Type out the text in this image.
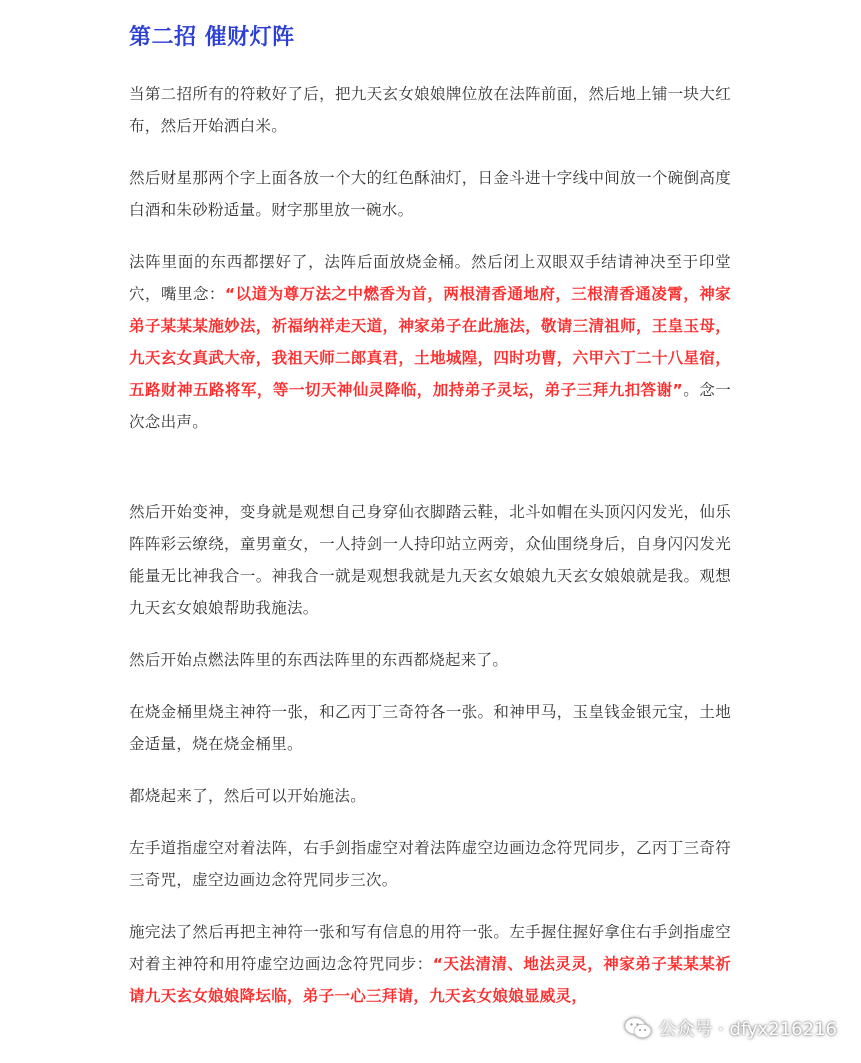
第二招 催财灯阵

当第二招所有的符敕好了后，把九天玄女娘娘牌位放在法阵前面，然后地上铺一块大红布，然后开始洒白米。

然后财星那两个字上面各放一个大的红色酥油灯，日金斗进十字线中间放一个碗倒高度白酒和朱砂粉适量。财字那里放一碗水。

法阵里面的东西都摆好了，法阵后面放烧金桶。然后闭上双眼双手结请神决至于印堂穴，嘴里念：“以道为尊万法之中燃香为首，两根清香通地府，三根清香通凌霄，神家弟子某某某施妙法，祈福纳祥走天道，神家弟子在此施法，敬请三清祖师，王皇玉母，九天玄女真武大帝，我祖天师二郎真君，土地城隍，四时功曹，六甲六丁二十八星宿，五路财神五路将军，等一切天神仙灵降临，加持弟子灵坛，弟子三拜九扣答谢”。念一次念出声。

然后开始变神，变身就是观想自己身穿仙衣脚踏云鞋，北斗如帽在头顶闪闪发光，仙乐阵阵彩云缭绕，童男童女，一人持剑一人持印站立两旁，众仙围绕身后，自身闪闪发光能量无比神我合一。神我合一就是观想我就是九天玄女娘娘九天玄女娘娘就是我。观想九天玄女娘娘帮助我施法。

然后开始点燃法阵里的东西法阵里的东西都烧起来了。

在烧金桶里烧主神符一张，和乙丙丁三奇符各一张。和神甲马，玉皇钱金银元宝，土地金适量，烧在烧金桶里。

都烧起来了，然后可以开始施法。

左手道指虚空对着法阵，右手剑指虚空对着法阵虚空边画边念符咒同步，乙丙丁三奇符三奇咒，虚空边画边念符咒同步三次。

施完法了然后再把主神符一张和写有信息的用符一张。左手握住握好拿住右手剑指虚空对着主神符和用符虚空边画边念符咒同步：“天法清清、地法灵灵，神家弟子某某某祈请九天玄女娘娘降坛临，弟子一心三拜请，九天玄女娘娘显威灵，

公众号 · dfyx216216
